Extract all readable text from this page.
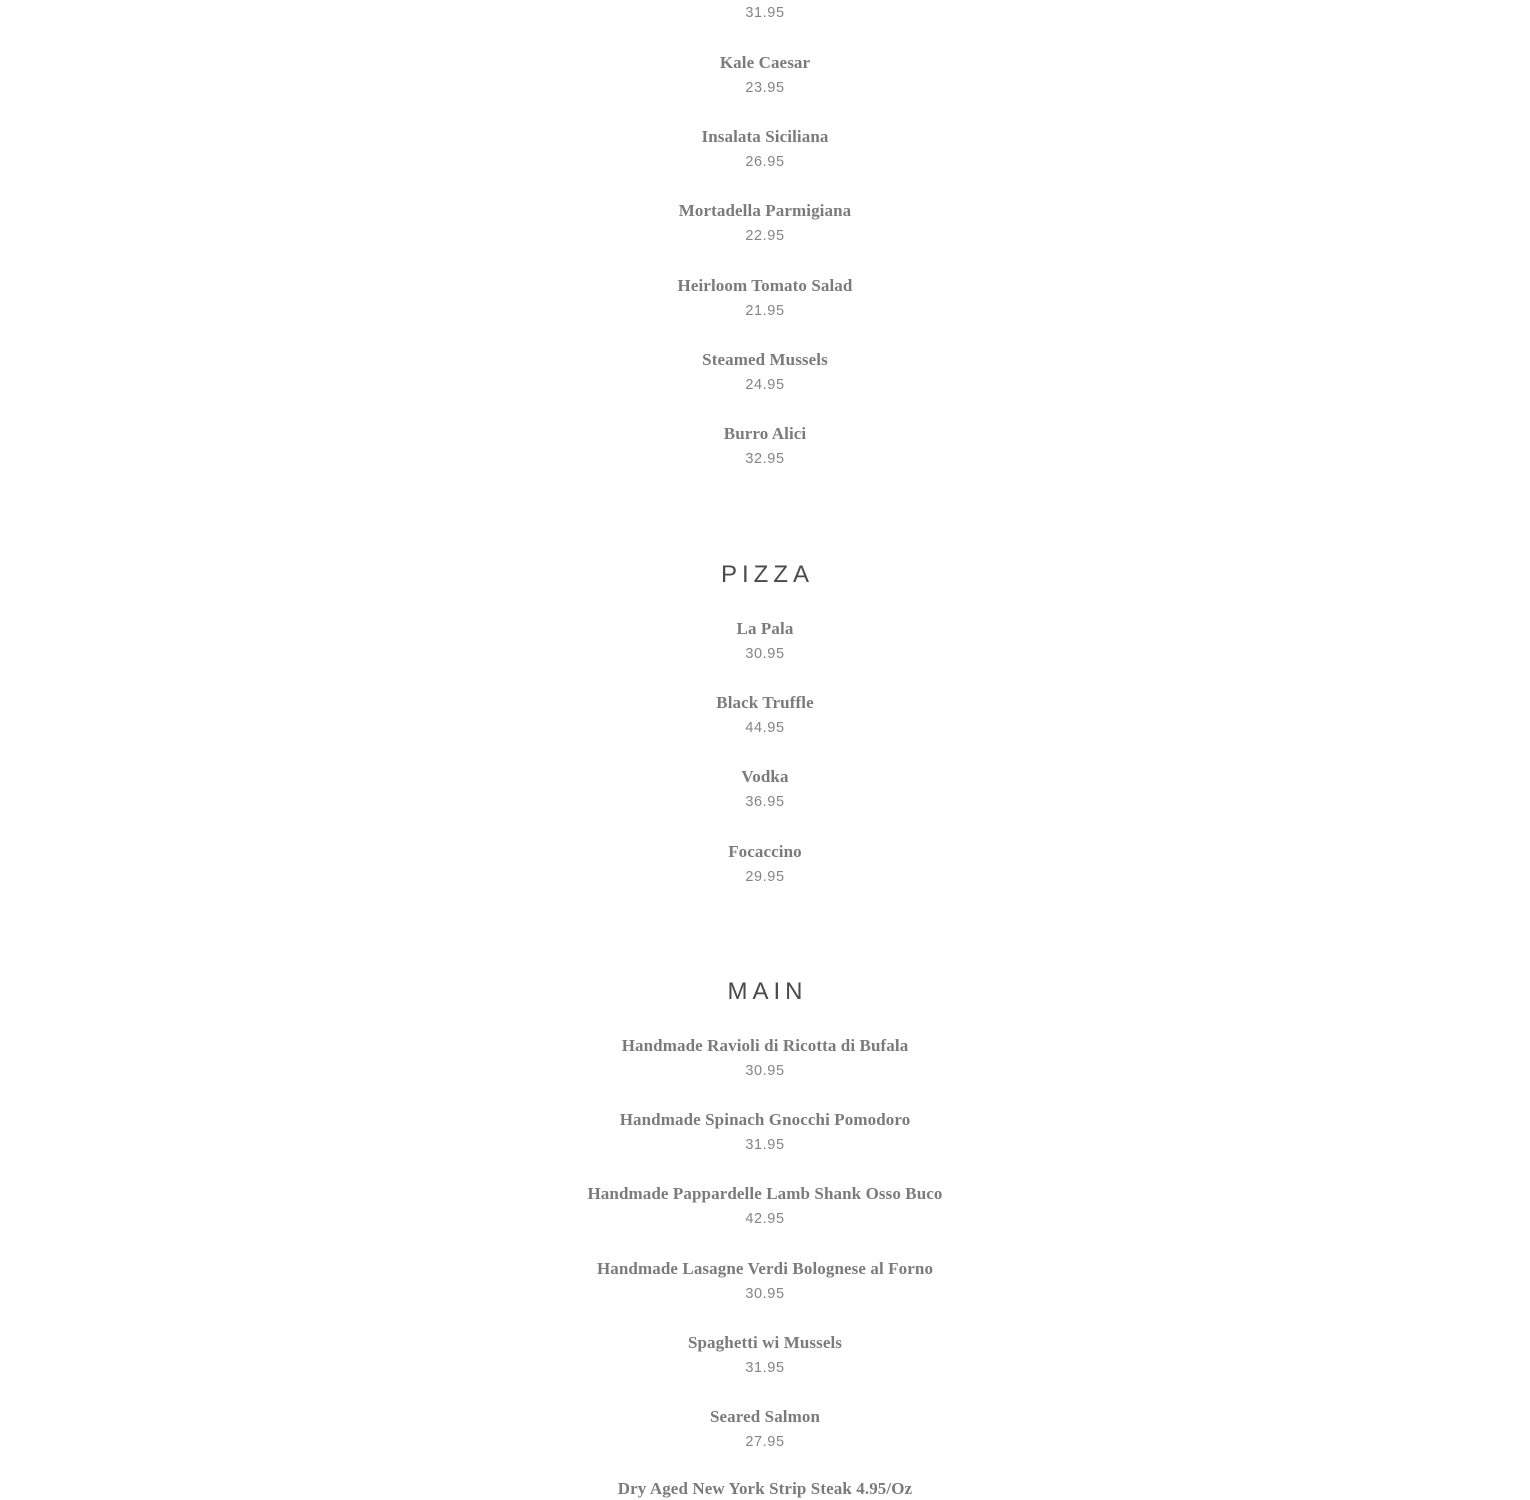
31.95
Kale Caesar
23.95
Insalata Siciliana
26.95
Mortadella Parmigiana
22.95
Heirloom Tomato Salad
21.95
Steamed Mussels
24.95
Burro Alici
32.95
PIZZA
La Pala
30.95
Black Truffle
44.95
Vodka
36.95
Focaccino
29.95
MAIN
Handmade Ravioli di Ricotta di Bufala
30.95
Handmade Spinach Gnocchi Pomodoro
31.95
Handmade Pappardelle Lamb Shank Osso Buco
42.95
Handmade Lasagne Verdi Bolognese al Forno
30.95
Spaghetti wi Mussels
31.95
Seared Salmon
27.95
Dry Aged New York Strip Steak 4.95/Oz
